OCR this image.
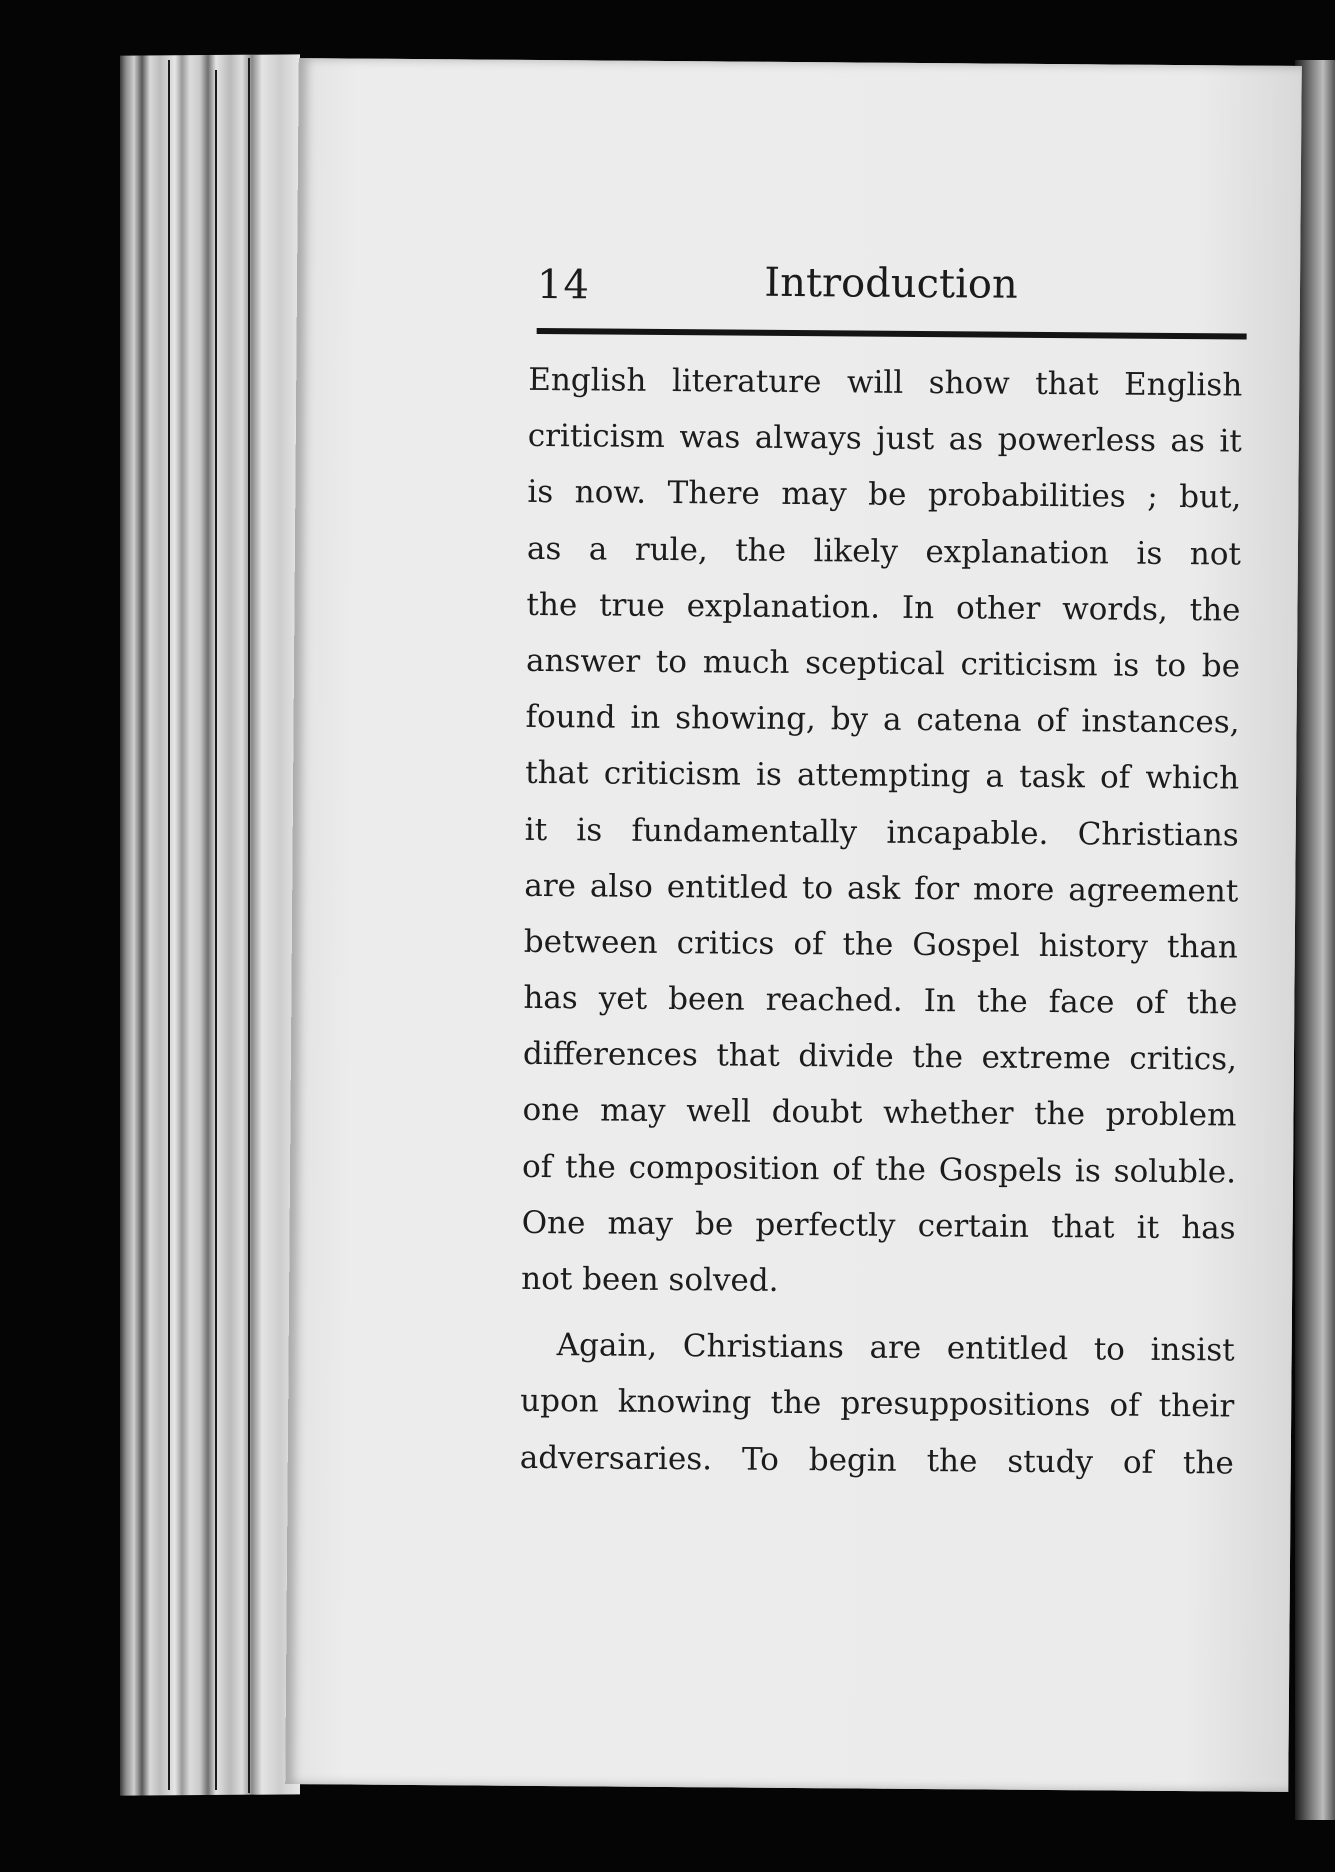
14	Introduction
English literature will show that English
criticism was always just as powerless as it
is now. There may be probabilities ; but,
as a rule, the likely explanation is not
the true explanation. In other words, the
answer to much sceptical criticism is to be
found in showing, by a catena of instances,
that criticism is attempting a task of which
it is fundamentally incapable. Christians
are also entitled to ask for more agreement
between critics of the Gospel history than
has yet been reached. In the face of the
differences that divide the extreme critics,
one may well doubt whether the problem
of the composition of the Gospels is soluble.
One may be perfectly certain that it has
not been solved.
Again, Christians are entitled to insist
upon knowing the presuppositions of their
adversaries. To begin the study of the
